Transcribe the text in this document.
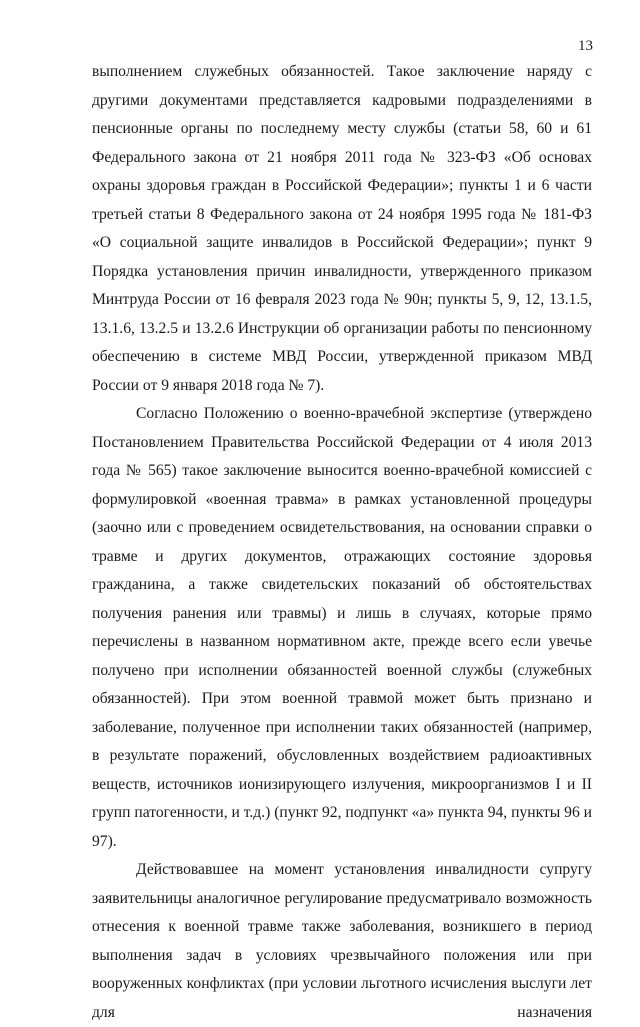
13

выполнением служебных обязанностей. Такое заключение наряду с другими документами представляется кадровыми подразделениями в пенсионные органы по последнему месту службы (статьи 58, 60 и 61 Федерального закона от 21 ноября 2011 года № 323-ФЗ «Об основах охраны здоровья граждан в Российской Федерации»; пункты 1 и 6 части третьей статьи 8 Федерального закона от 24 ноября 1995 года № 181-ФЗ «О социальной защите инвалидов в Российской Федерации»; пункт 9 Порядка установления причин инвалидности, утвержденного приказом Минтруда России от 16 февраля 2023 года № 90н; пункты 5, 9, 12, 13.1.5, 13.1.6, 13.2.5 и 13.2.6 Инструкции об организации работы по пенсионному обеспечению в системе МВД России, утвержденной приказом МВД России от 9 января 2018 года № 7).

Согласно Положению о военно-врачебной экспертизе (утверждено Постановлением Правительства Российской Федерации от 4 июля 2013 года № 565) такое заключение выносится военно-врачебной комиссией с формулировкой «военная травма» в рамках установленной процедуры (заочно или с проведением освидетельствования, на основании справки о травме и других документов, отражающих состояние здоровья гражданина, а также свидетельских показаний об обстоятельствах получения ранения или травмы) и лишь в случаях, которые прямо перечислены в названном нормативном акте, прежде всего если увечье получено при исполнении обязанностей военной службы (служебных обязанностей). При этом военной травмой может быть признано и заболевание, полученное при исполнении таких обязанностей (например, в результате поражений, обусловленных воздействием радиоактивных веществ, источников ионизирующего излучения, микроорганизмов I и II групп патогенности, и т.д.) (пункт 92, подпункт «а» пункта 94, пункты 96 и 97).

Действовавшее на момент установления инвалидности супругу заявительницы аналогичное регулирование предусматривало возможность отнесения к военной травме также заболевания, возникшего в период выполнения задач в условиях чрезвычайного положения или при вооруженных конфликтах (при условии льготного исчисления выслуги лет для назначения
